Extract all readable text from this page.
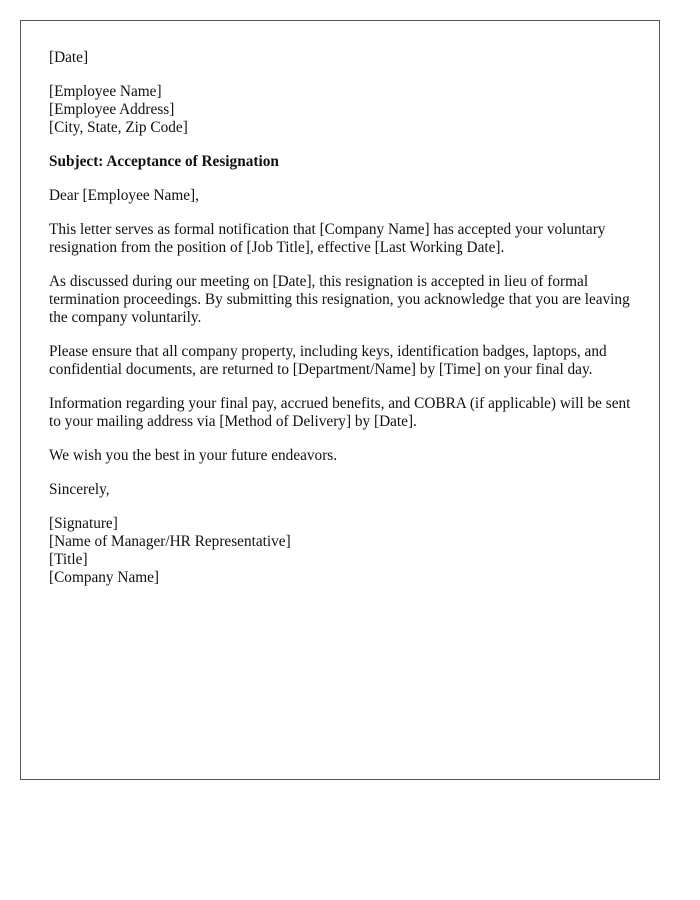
[Date]
[Employee Name]
[Employee Address]
[City, State, Zip Code]
Subject: Acceptance of Resignation
Dear [Employee Name],

This letter serves as formal notification that [Company Name] has accepted your voluntary resignation from the position of [Job Title], effective [Last Working Date].

As discussed during our meeting on [Date], this resignation is accepted in lieu of formal termination proceedings. By submitting this resignation, you acknowledge that you are leaving the company voluntarily.

Please ensure that all company property, including keys, identification badges, laptops, and confidential documents, are returned to [Department/Name] by [Time] on your final day.

Information regarding your final pay, accrued benefits, and COBRA (if applicable) will be sent to your mailing address via [Method of Delivery] by [Date].

We wish you the best in your future endeavors.

Sincerely,
[Signature]
[Name of Manager/HR Representative]
[Title]
[Company Name]
